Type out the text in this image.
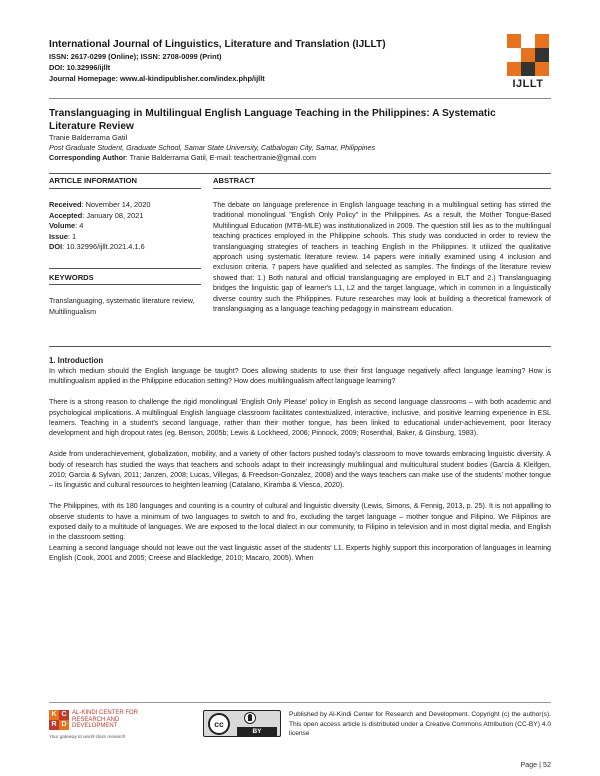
International Journal of Linguistics, Literature and Translation (IJLLT)
ISSN: 2617-0299 (Online); ISSN: 2708-0099 (Print)
DOI: 10.32996/ijllt
Journal Homepage: www.al-kindipublisher.com/index.php/ijllt	IJLLT
Translanguaging in Multilingual English Language Teaching in the Philippines: A Systematic Literature Review
Tranie Balderrama Gatil
Post Graduate Student, Graduate School, Samar State University, Catbalogan City, Samar, Philippines
Corresponding Author: Tranie Balderrama Gatil, E-mail: teachertranie@gmail.com
ARTICLE INFORMATION	ABSTRACT
Received: November 14, 2020
Accepted: January 08, 2021
Volume: 4
Issue: 1
DOI: 10.32996/ijllt.2021.4.1.6
KEYWORDS
Translanguaging, systematic literature review, Multilingualism
The debate on language preference in English language teaching in a multilingual setting has stirred the traditional monolingual "English Only Policy" in the Philippines. As a result, the Mother Tongue-Based Multilingual Education (MTB-MLE) was institutionalized in 2009. The question still lies as to the multilingual teaching practices employed in the Philippine schools. This study was conducted in order to review the translanguaging strategies of teachers in teaching English in the Philippines. It utilized the qualitative approach using systematic literature review. 14 papers were initially examined using 4 inclusion and exclusion criteria. 7 papers have qualified and selected as samples. The findings of the literature review showed that: 1.) Both natural and official translanguaging are employed in ELT and 2.) Translanguaging bridges the linguistic gap of learner's L1, L2 and the target language, which in common in a linguistically diverse country such the Philippines. Future researches may look at building a theoretical framework of translanguaging as a language teaching pedagogy in mainstream education.
1. Introduction

In which medium should the English language be taught? Does allowing students to use their first language negatively affect language learning? How is multilingualism applied in the Philippine education setting? How does multilingualism affect language learning?

There is a strong reason to challenge the rigid monolingual 'English Only Please' policy in English as second language classrooms – with both academic and psychological implications. A multilingual English language classroom facilitates contextualized, interactive, inclusive, and positive learning experience in ESL learners. Teaching in a student's second language, rather than their mother tongue, has been linked to educational under-achievement, poor literacy development and high dropout rates (eg. Benson, 2005b; Lewis & Lockheed, 2006; Pinnock, 2009; Rosenthal, Baker, & Ginsburg, 1983).

Aside from underachievement, globalization, mobility, and a variety of other factors pushed today's classroom to move towards embracing linguistic diversity. A body of research has studied the ways that teachers and schools adapt to their increasingly multilingual and multicultural student bodies (Garcia & Kleifgen, 2010; Garcia & Sylvan, 2011; Janzen, 2008; Lucas, Villegas, & Freedson-Gonzalez, 2008) and the ways teachers can make use of the students' mother tongue – its linguistic and cultural resources to heighten learning (Catalano, Kiramba & Viesca, 2020).

The Philippines, with its 180 languages and counting is a country of cultural and linguistic diversity (Lewis, Simons, & Fennig, 2013, p. 25). It is not appalling to observe students to have a minimum of two languages to switch to and fro, excluding the target language – mother tongue and Filipino. We Filipinos are exposed daily to a multitude of languages. We are exposed to the local dialect in our community, to Filipino in television and in most digital media, and English in the classroom setting.

Learning a second language should not leave out the vast linguistic asset of the students' L1. Experts highly support this incorporation of languages in learning English (Cook, 2001 and 2005; Creese and Blackledge, 2010; Macaro, 2005). When

K C
R D
AL-KINDI CENTER FOR RESEARCH AND DEVELOPMENT
Your gateway to world-class research
cc
BY
Published by Al-Kindi Center for Research and Development. Copyright (c) the author(s). This open access article is distributed under a Creative Commons Attribution (CC-BY) 4.0 license
Page | 52
